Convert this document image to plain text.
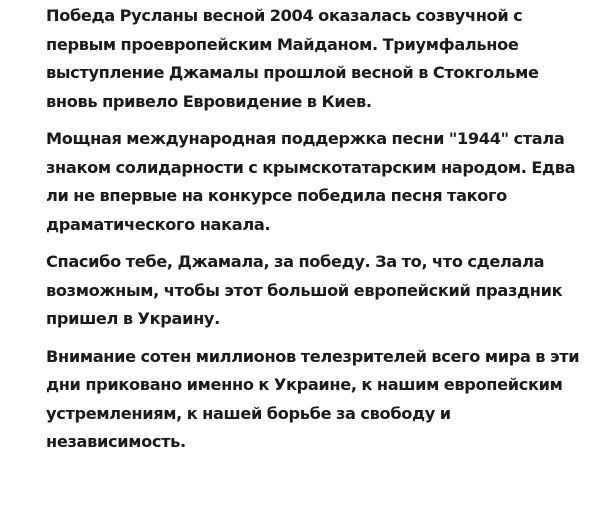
Победа Русланы весной 2004 оказалась созвучной с
первым проевропейским Майданом. Триумфальное
выступление Джамалы прошлой весной в Стокгольме
вновь привело Евровидение в Киев.

Мощная международная поддержка песни "1944" стала
знаком солидарности с крымскотатарским народом. Едва
ли не впервые на конкурсе победила песня такого
драматического накала.

Спасибо тебе, Джамала, за победу. За то, что сделала
возможным, чтобы этот большой европейский праздник
пришел в Украину.

Внимание сотен миллионов телезрителей всего мира в эти
дни приковано именно к Украине, к нашим европейским
устремлениям, к нашей борьбе за свободу и
независимость.
